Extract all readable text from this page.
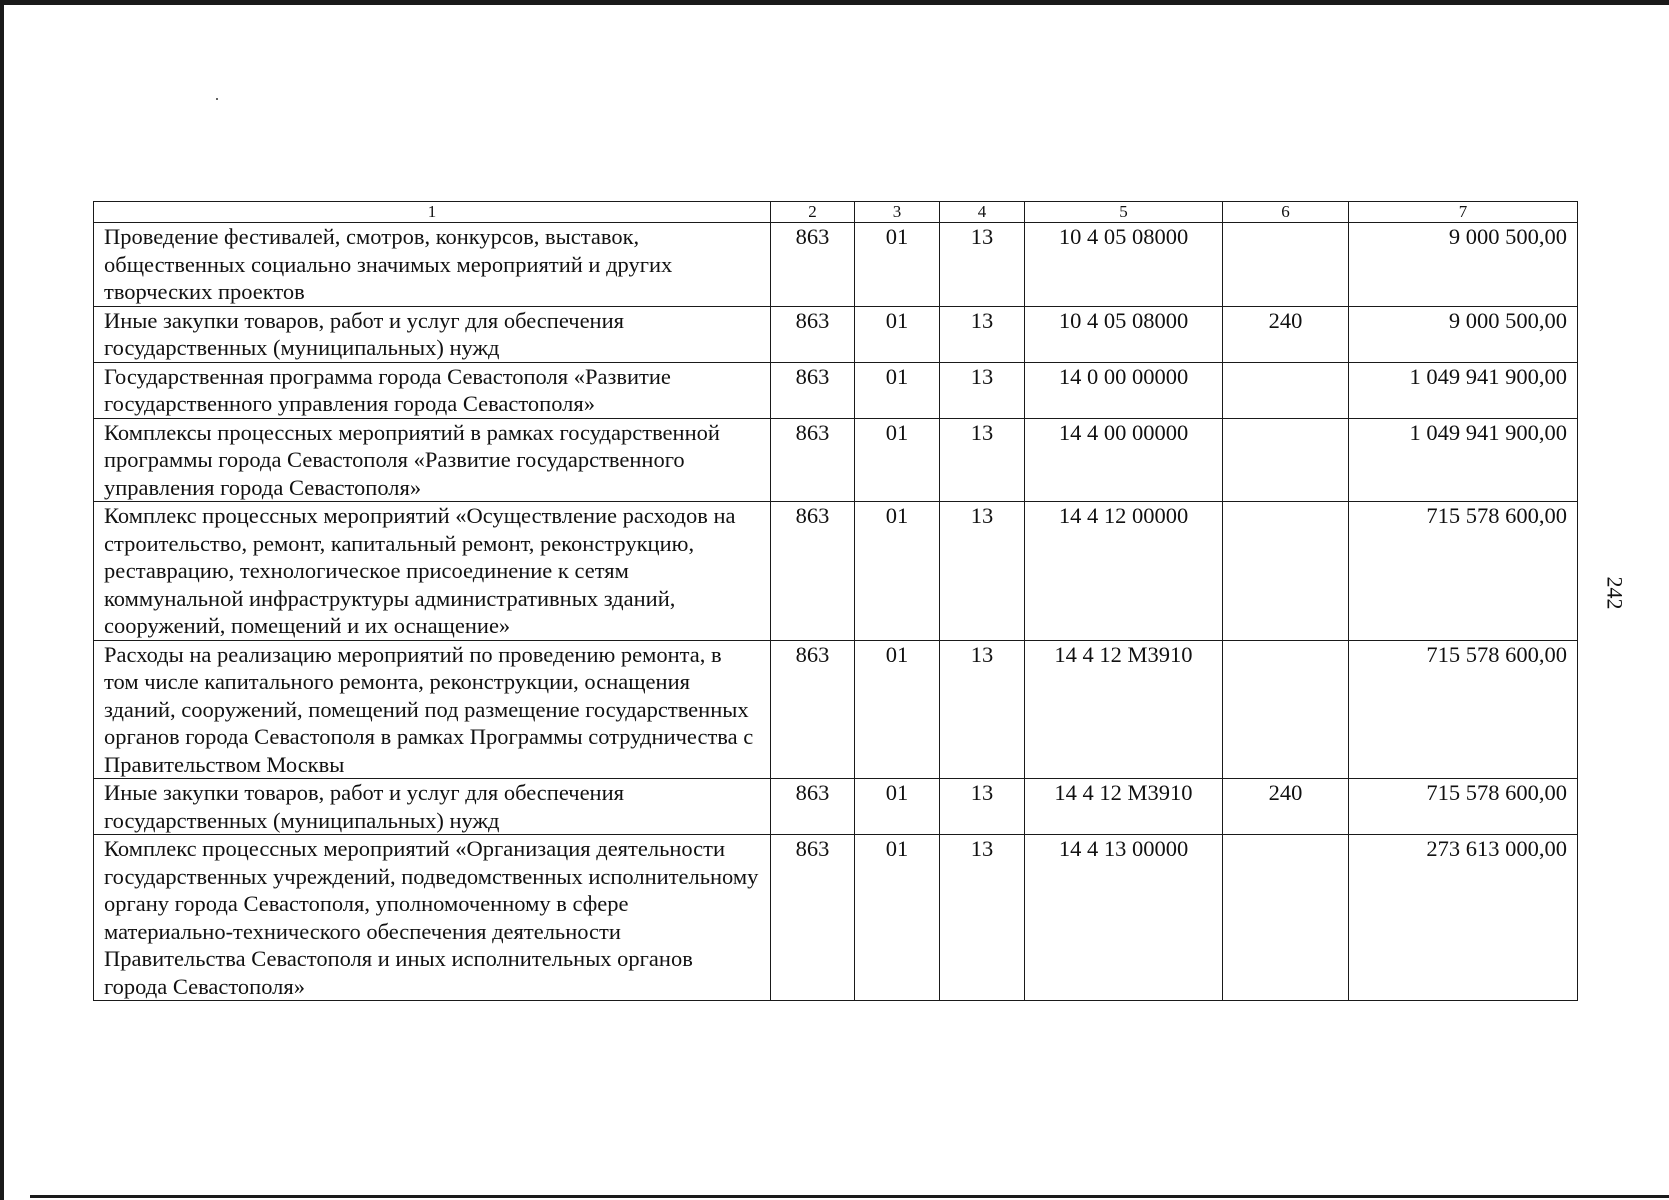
242
1	2	3	4	5	6	7
Проведение фестивалей, смотров, конкурсов, выставок, общественных социально значимых мероприятий и других творческих проектов	863	01	13	10 4 05 08000		9 000 500,00
Иные закупки товаров, работ и услуг для обеспечения государственных (муниципальных) нужд	863	01	13	10 4 05 08000	240	9 000 500,00
Государственная программа города Севастополя «Развитие государственного управления города Севастополя»	863	01	13	14 0 00 00000		1 049 941 900,00
Комплексы процессных мероприятий в рамках государственной программы города Севастополя «Развитие государственного управления города Севастополя»	863	01	13	14 4 00 00000		1 049 941 900,00
Комплекс процессных мероприятий «Осуществление расходов на строительство, ремонт, капитальный ремонт, реконструкцию, реставрацию, технологическое присоединение к сетям коммунальной инфраструктуры административных зданий, сооружений, помещений и их оснащение»	863	01	13	14 4 12 00000		715 578 600,00
Расходы на реализацию мероприятий по проведению ремонта, в том числе капитального ремонта, реконструкции, оснащения зданий, сооружений, помещений под размещение государственных органов города Севастополя в рамках Программы сотрудничества с Правительством Москвы	863	01	13	14 4 12 M3910		715 578 600,00
Иные закупки товаров, работ и услуг для обеспечения государственных (муниципальных) нужд	863	01	13	14 4 12 M3910	240	715 578 600,00
Комплекс процессных мероприятий «Организация деятельности государственных учреждений, подведомственных исполнительному органу города Севастополя, уполномоченному в сфере материально-технического обеспечения деятельности Правительства Севастополя и иных исполнительных органов города Севастополя»	863	01	13	14 4 13 00000		273 613 000,00
